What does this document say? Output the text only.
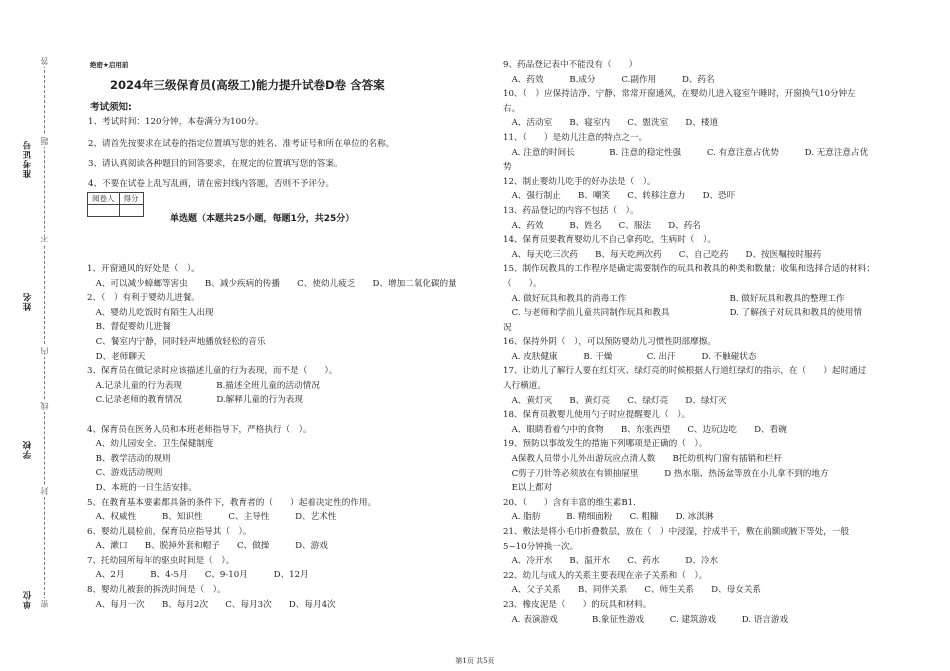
答
题
不
内
线
封
密
准考证号
姓名
学校
单位
绝密★启用前
2024年三级保育员(高级工)能力提升试卷D卷 含答案
考试须知:
1、考试时间：120分钟，本卷满分为100分。
2、请首先按要求在试卷的指定位置填写您的姓名、准考证号和所在单位的名称。
3、请认真阅读各种题目的回答要求，在规定的位置填写您的答案。
4、不要在试卷上乱写乱画，请在密封线内答题，否则不予评分。
阅卷人	得分

单选题（本题共25小题，每题1分，共25分）
1、开窗通风的好处是（　）。
　A、可以减少蟑螂等害虫　　B、减少疾病的传播　　C、使幼儿疲乏　　D、增加二氧化碳的量
2、（　）有利于婴幼儿进餐。
　A、婴幼儿吃饭时有陌生人出现
　B、督促婴幼儿进餐
　C、餐室内宁静，同时轻声地播放轻松的音乐
　D、老师聊天
3、保育员在做记录时应该描述儿童的行为表现，而不是（　　）。
　A.记录儿童的行为表现　　　　B.描述全班儿童的活动情况
　C.记录老师的教育情况　　　　D.解释儿童的行为表现
4、保育员在医务人员和本班老师指导下，严格执行（　）。
　A、幼儿园安全、卫生保健制度
　B、教学活动的规则
　C、游戏活动规则
　D、本班的一日生活安排。
5、在教育基本要素都具备的条件下，教育者的（　　）起着决定性的作用。
　A、权威性　　　B、知识性　　　C、主导性　　　D、艺术性
6、婴幼儿晨检前，保育员应指导其（　）。
　A、漱口　　B、脱掉外套和帽子　　C、做操　　　D、游戏
7、托幼园所每年的驱虫时间是（　）。
　A、2月　　　B、4-5月　　C、9-10月　　　D、12月
8、婴幼儿被套的拆洗时间是（　）。
　A、每月一次　　B、每月2次　　C、每月3次　　D、每月4次
9、药品登记表中不能没有（　　）
　A、药效　　　B.成分　　　C.副作用　　　D、药名
10、（　）应保持洁净、宁静、常常开窗通风，在婴幼儿进入寝室午睡时，开窗换气10分钟左
右。
　A、活动室　　B、寝室内　　C、盥洗室　　D、楼道
11、（　　）是幼儿注意的特点之一。
　A. 注意的时间长　　　　B. 注意的稳定性强　　　C. 有意注意占优势　　　D. 无意注意占优
势
12、制止婴幼儿吃手的好办法是（　）。
　A、强行制止　　B、嘲笑　　C、转移注意力　　D、恐吓
13、药品登记的内容不包括（　）。
　A、药效　　　B、姓名　　C、服法　　D、药名
14、保育员要教育婴幼儿不自己拿药吃，生病时（　）。
　A、每天吃三次药　　B、每天吃两次药　　C、自己吃药　　D、按医嘱按时服药
15、制作玩教具的工作程序是确定需要制作的玩具和教具的种类和数量；收集和选择合适的材料；
（　　）。
　A. 做好玩具和教具的消毒工作　　　　　　　　　　　　B. 做好玩具和教具的整理工作
　C. 与老师和学前儿童共同制作玩具和教具　　　　　　　D. 了解孩子对玩具和教具的使用情
况
16、保持外阴（　），可以预防婴幼儿习惯性阴部摩擦。
　A. 皮肤健康　　　B. 干燥　　　　C. 出汗　　　D. 不触碰状态
17、让幼儿了解行人要在红灯灭、绿灯亮的时候根据人行道红绿灯的指示，在（　　）起时通过
人行横道。
　A、黄灯灭　　B、黄灯亮　　C、绿灯亮　　D、绿灯灭
18、保育员教婴儿使用勺子时应提醒婴儿（　）。
　A、眼睛看着勺中的食物　　B、东张西望　　C、边玩边吃　　D、看碗
19、预防以事故发生的措施下列哪项是正确的（　）。
　A保教人员带小儿外出游玩应点清人数　　B托幼机构门窗有插销和栏杆
　C剪子刀针等必须放在有锁抽屉里　　　D 热水瓶、热汤盆等放在小儿拿不到的地方
　E以上都对
20、（　　）含有丰富的维生素B1.
　A. 脂肪　　　B. 精细面粉　　C. 粗糠　　D. 冰淇淋
21、敷法是将小毛巾折叠数层，放在（　）中浸湿，拧成半干，敷在前额或腋下等处，一般
5~10分钟换一次。
　A、冷开水　　B、温开水　　C、药水　　　D、冷水
22、幼儿与成人的关系主要表现在亲子关系和（　）。
　A、父子关系　　B、同伴关系　　C、师生关系　　D、母女关系
23、橡皮泥是（　　）的玩具和材料。
　A. 表演游戏　　　　B.象征性游戏　　　C. 建筑游戏　　　D. 语言游戏
第1页 共5页
